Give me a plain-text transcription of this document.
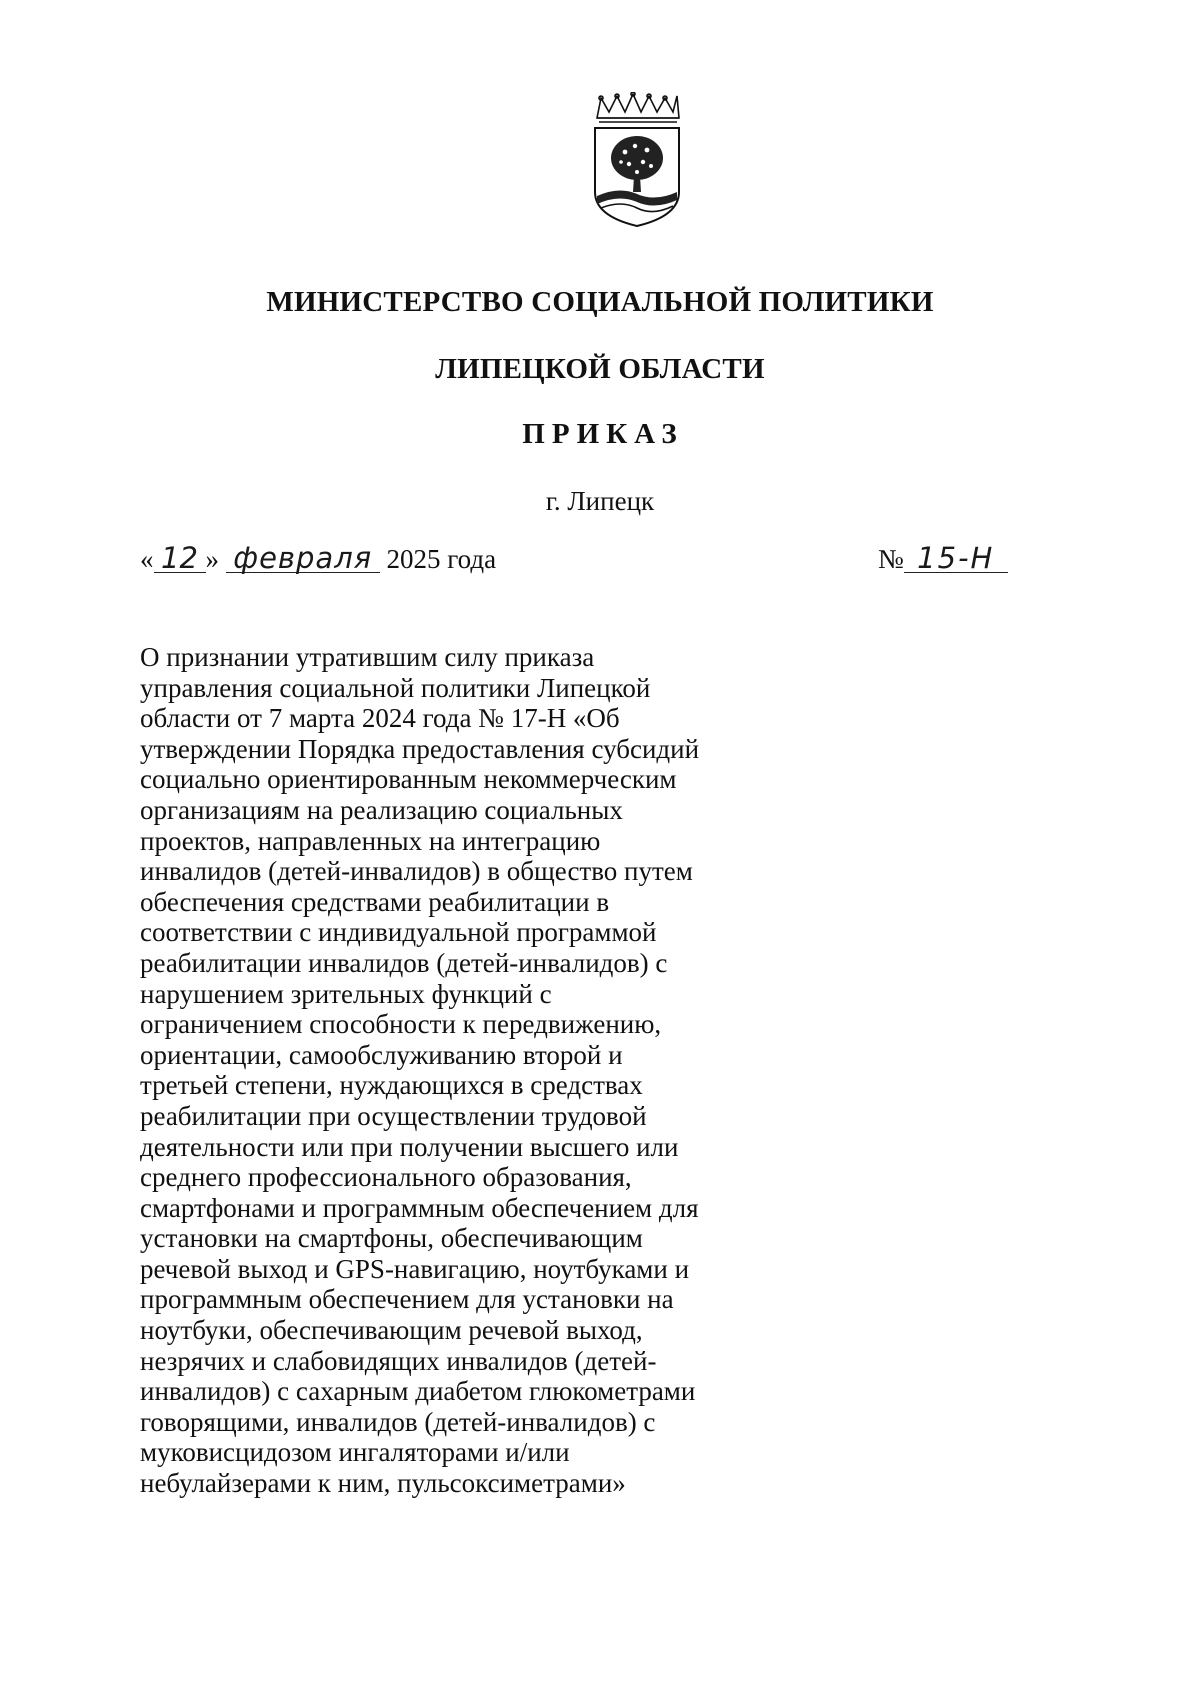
МИНИСТЕРСТВО СОЦИАЛЬНОЙ ПОЛИТИКИ
ЛИПЕЦКОЙ ОБЛАСТИ
ПРИКАЗ
г. Липецк
« 12 » февраля 2025 года	№ 15-Н
О признании утратившим силу приказа
управления социальной политики Липецкой
области от 7 марта 2024 года № 17-Н «Об
утверждении Порядка предоставления субсидий
социально ориентированным некоммерческим
организациям на реализацию социальных
проектов, направленных на интеграцию
инвалидов (детей-инвалидов) в общество путем
обеспечения средствами реабилитации в
соответствии с индивидуальной программой
реабилитации инвалидов (детей-инвалидов) с
нарушением зрительных функций с
ограничением способности к передвижению,
ориентации, самообслуживанию второй и
третьей степени, нуждающихся в средствах
реабилитации при осуществлении трудовой
деятельности или при получении высшего или
среднего профессионального образования,
смартфонами и программным обеспечением для
установки на смартфоны, обеспечивающим
речевой выход и GPS-навигацию, ноутбуками и
программным обеспечением для установки на
ноутбуки, обеспечивающим речевой выход,
незрячих и слабовидящих инвалидов (детей-
инвалидов) с сахарным диабетом глюкометрами
говорящими, инвалидов (детей-инвалидов) с
муковисцидозом ингаляторами и/или
небулайзерами к ним, пульсоксиметрами»
